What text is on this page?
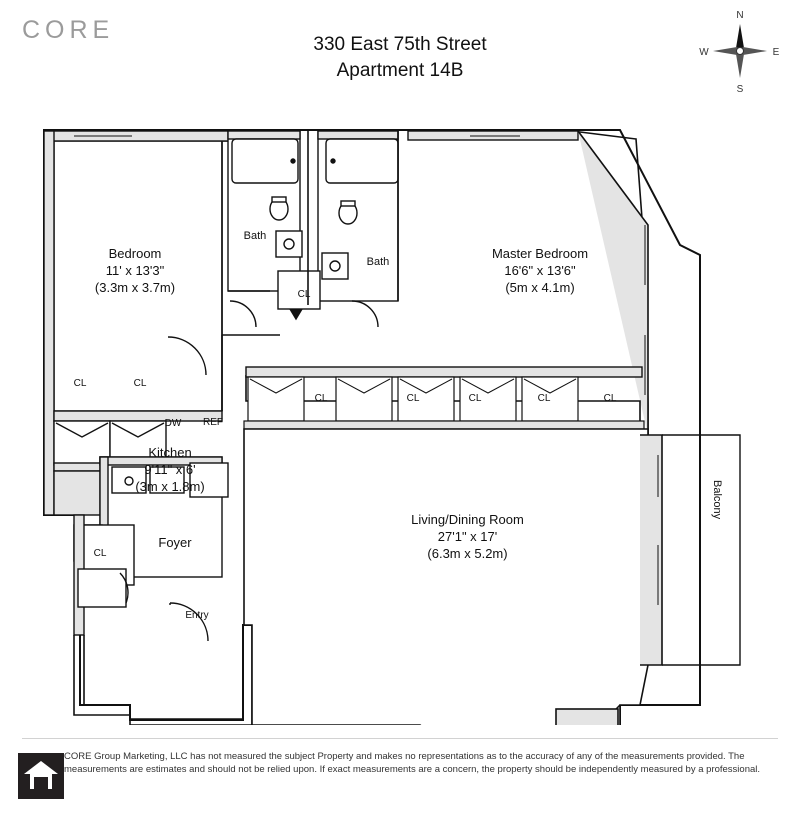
CORE
330 East 75th Street
Apartment 14B
N
S
E
W
Bedroom
11' x 13'3"
(3.3m x 3.7m)
Master Bedroom
16'6" x 13'6"
(5m x 4.1m)
Kitchen
9'11" x 6'
(3m x 1.8m)
Living/Dining Room
27'1" x 17'
(6.3m x 5.2m)
Bath
Bath
Foyer
Entry
Balcony
DW	REF
CL	CL
CL
CL	CL	CL	CL	CL
CL
CORE Group Marketing, LLC has not measured the subject Property and makes no representations as to the accuracy of any of the measurements provided. The measurements are estimates and should not be relied upon. If exact measurements are a concern, the property should be independently measured by a professional.
